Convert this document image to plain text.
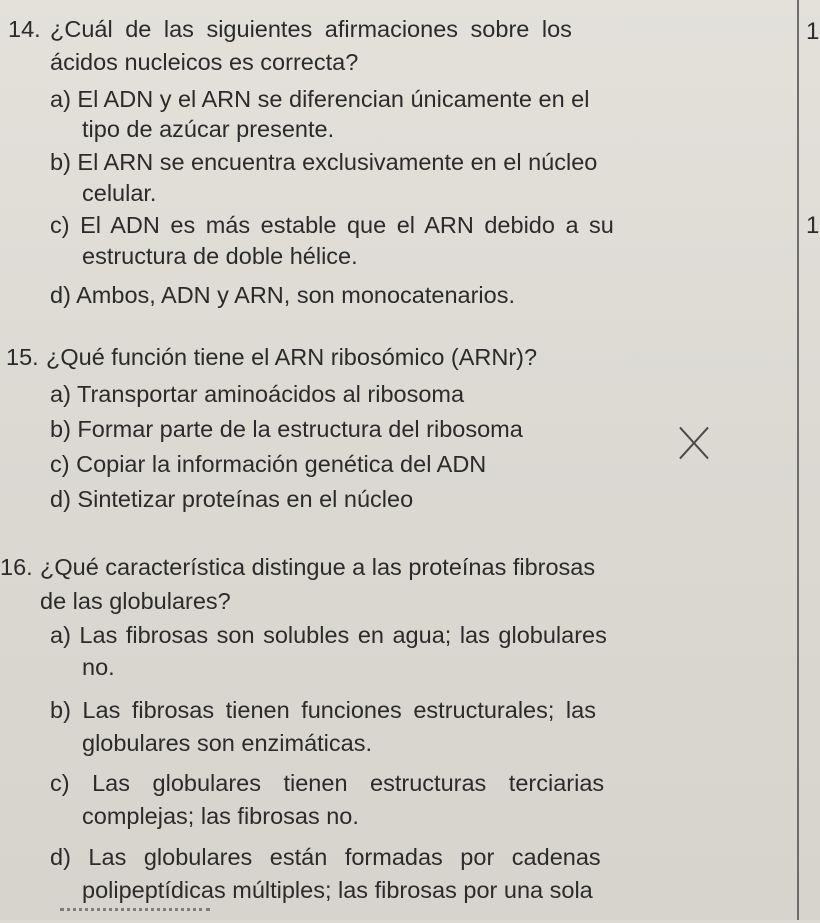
1
1
14. ¿Cuál de las siguientes afirmaciones sobre los
ácidos nucleicos es correcta?
a) El ADN y el ARN se diferencian únicamente en el
tipo de azúcar presente.
b) El ARN se encuentra exclusivamente en el núcleo
celular.
c) El ADN es más estable que el ARN debido a su
estructura de doble hélice.
d) Ambos, ADN y ARN, son monocatenarios.
15. ¿Qué función tiene el ARN ribosómico (ARNr)?
a) Transportar aminoácidos al ribosoma
b) Formar parte de la estructura del ribosoma
c) Copiar la información genética del ADN
d) Sintetizar proteínas en el núcleo
16. ¿Qué característica distingue a las proteínas fibrosas
de las globulares?
a) Las fibrosas son solubles en agua; las globulares
no.
b) Las fibrosas tienen funciones estructurales; las
globulares son enzimáticas.
c) Las globulares tienen estructuras terciarias
complejas; las fibrosas no.
d) Las globulares están formadas por cadenas
polipeptídicas múltiples; las fibrosas por una sola
